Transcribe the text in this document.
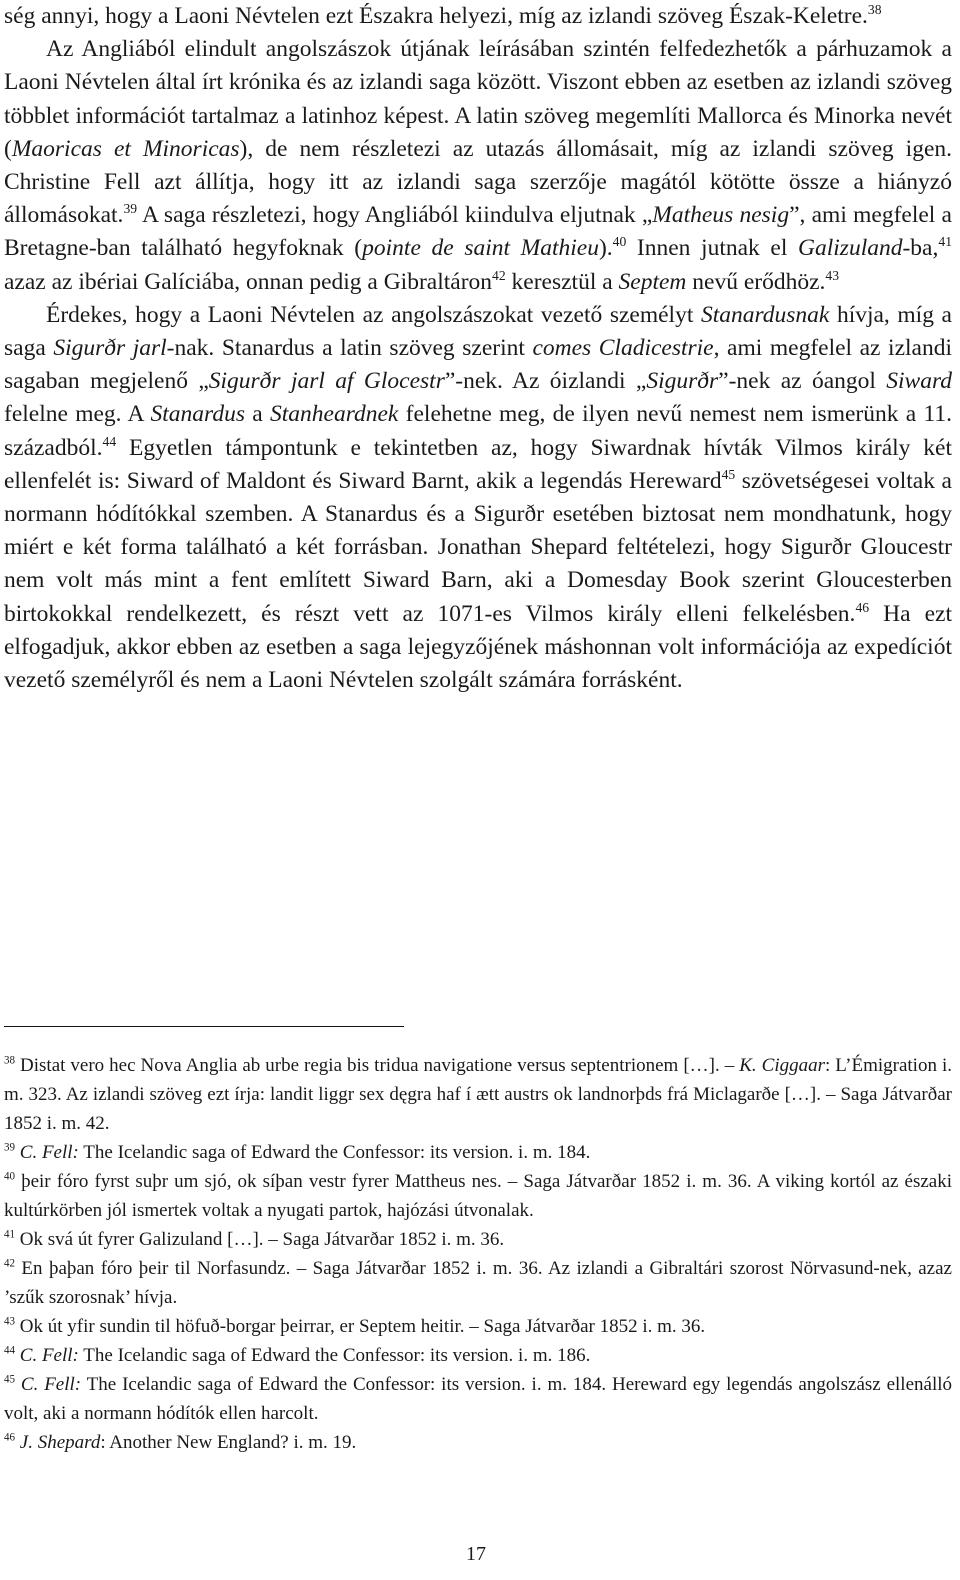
ség annyi, hogy a Laoni Névtelen ezt Északra helyezi, míg az izlandi szöveg Észak-Keletre.$^{38}$

Az Angliából elindult angolszászok útjának leírásában szintén felfedezhetők a párhuzamok a Laoni Névtelen által írt krónika és az izlandi saga között. Viszont ebben az esetben az izlandi szöveg többlet információt tartalmaz a latinhoz képest. A latin szöveg megemlíti Mallorca és Minorka nevét (Maoricas et Minoricas), de nem részletezi az utazás állomásait, míg az izlandi szöveg igen. Christine Fell azt állítja, hogy itt az izlandi saga szerzője magától kötötte össze a hiányzó állomásokat.$^{39}$ A saga részletezi, hogy Angliából kiindulva eljutnak „Matheus nesig”, ami megfelel a Bretagne-ban található hegyfoknak (pointe de saint Mathieu).$^{40}$ Innen jutnak el Galizuland-ba,$^{41}$ azaz az ibériai Galíciába, onnan pedig a Gibraltáron$^{42}$ keresztül a Septem nevű erődhöz.$^{43}$

Érdekes, hogy a Laoni Névtelen az angolszászokat vezető személyt Stanardusnak hívja, míg a saga Sigurðr jarl-nak. Stanardus a latin szöveg szerint comes Cladicestrie, ami megfelel az izlandi sagaban megjelenő „Sigurðr jarl af Glocestr”-nek. Az óizlandi „Sigurðr”-nek az óangol Siward felelne meg. A Stanardus a Stanheardnek felehetne meg, de ilyen nevű nemest nem ismerünk a 11. századból.$^{44}$ Egyetlen támpontunk e tekintetben az, hogy Siwardnak hívták Vilmos király két ellenfelét is: Siward of Maldont és Siward Barnt, akik a legendás Hereward$^{45}$ szövetségesei voltak a normann hódítókkal szemben. A Stanardus és a Sigurðr esetében biztosat nem mondhatunk, hogy miért e két forma található a két forrásban. Jonathan Shepard feltételezi, hogy Sigurðr Gloucestr nem volt más mint a fent említett Siward Barn, aki a Domesday Book szerint Gloucesterben birtokokkal rendelkezett, és részt vett az 1071-es Vilmos király elleni felkelésben.$^{46}$ Ha ezt elfogadjuk, akkor ebben az esetben a saga lejegyzőjének máshonnan volt információja az expedíciót vezető személyről és nem a Laoni Névtelen szolgált számára forrásként.

$^{38}$ Distat vero hec Nova Anglia ab urbe regia bis tridua navigatione versus septentrionem […]. – K. Ciggaar: L’Émigration i. m. 323. Az izlandi szöveg ezt írja: landit liggr sex dęgra haf í ætt austrs ok landnorþds frá Miclagarðe […]. – Saga Játvarðar 1852 i. m. 42.

$^{39}$ C. Fell: The Icelandic saga of Edward the Confessor: its version. i. m. 184.

$^{40}$ þeir fóro fyrst suþr um sjó, ok síþan vestr fyrer Mattheus nes. – Saga Játvarðar 1852 i. m. 36. A viking kortól az északi kultúrkörben jól ismertek voltak a nyugati partok, hajózási útvonalak.

$^{41}$ Ok svá út fyrer Galizuland […]. – Saga Játvarðar 1852 i. m. 36.

$^{42}$ En þaþan fóro þeir til Norfasundz. – Saga Játvarðar 1852 i. m. 36. Az izlandi a Gibraltári szorost Nörvasund-nek, azaz ’szűk szorosnak’ hívja.

$^{43}$ Ok út yfir sundin til höfuð-borgar þeirrar, er Septem heitir. – Saga Játvarðar 1852 i. m. 36.

$^{44}$ C. Fell: The Icelandic saga of Edward the Confessor: its version. i. m. 186.

$^{45}$ C. Fell: The Icelandic saga of Edward the Confessor: its version. i. m. 184. Hereward egy legendás angolszász ellenálló volt, aki a normann hódítók ellen harcolt.

$^{46}$ J. Shepard: Another New England? i. m. 19.

17
